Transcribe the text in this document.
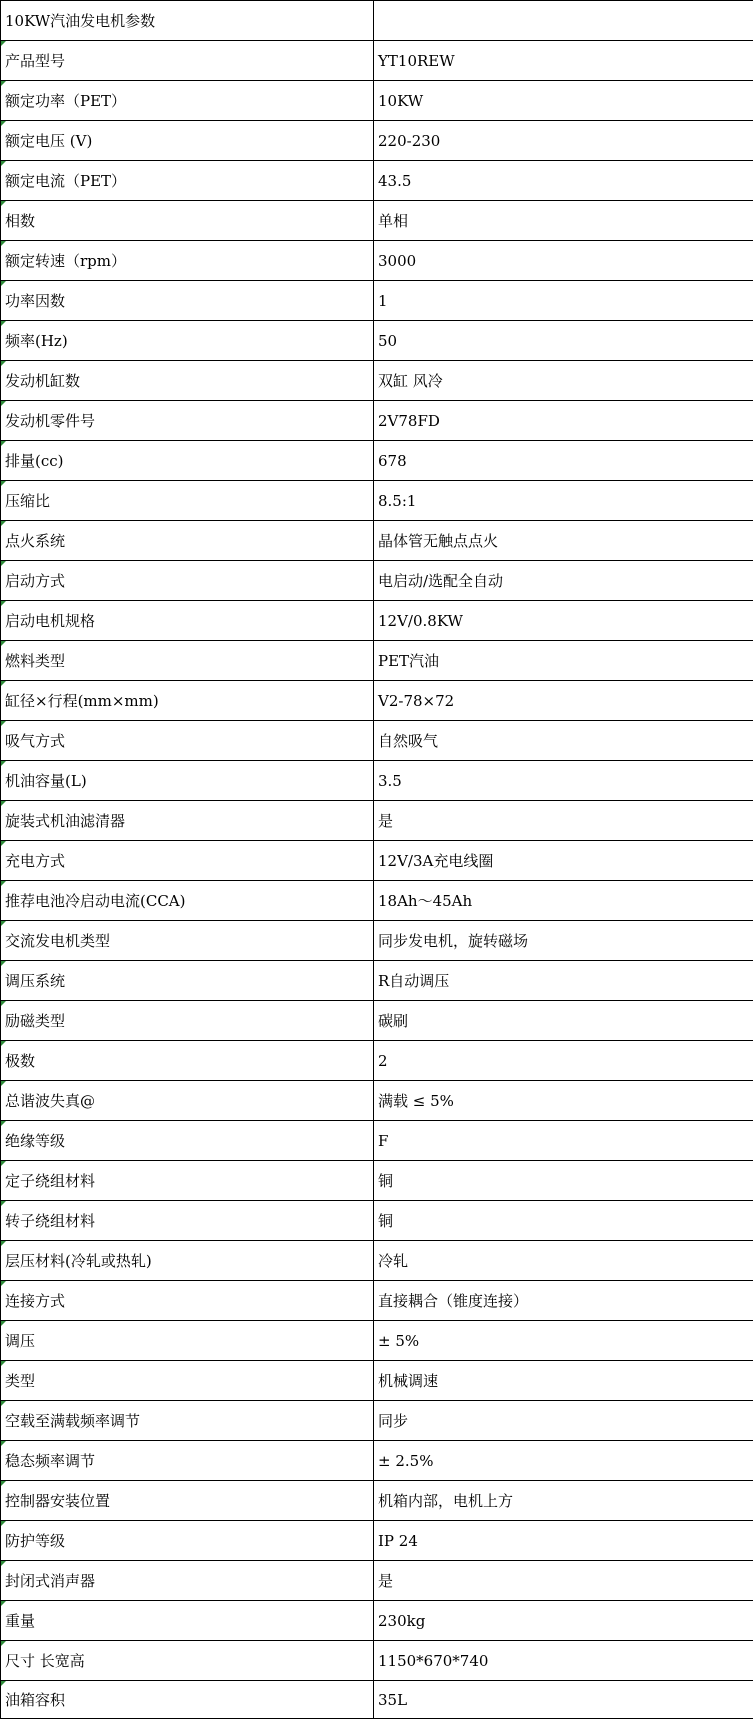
10KW汽油发电机参数	
产品型号	YT10REW
额定功率（PET）	10KW
额定电压 (V)	220-230
额定电流（PET）	43.5
相数	单相
额定转速（rpm）	3000
功率因数	1
频率(Hz)	50
发动机缸数	双缸 风冷
发动机零件号	2V78FD
排量(cc)	678
压缩比	8.5:1
点火系统	晶体管无触点点火
启动方式	电启动/选配全自动
启动电机规格	12V/0.8KW
燃料类型	PET汽油
缸径×行程(mm×mm)	V2-78×72
吸气方式	自然吸气
机油容量(L)	3.5
旋装式机油滤清器	是
充电方式	12V/3A充电线圈
推荐电池冷启动电流(CCA)	18Ah～45Ah
交流发电机类型	同步发电机，旋转磁场
调压系统	R自动调压
励磁类型	碳刷
极数	2
总谐波失真@	满载 ≤ 5%
绝缘等级	F
定子绕组材料	铜
转子绕组材料	铜
层压材料(冷轧或热轧)	冷轧
连接方式	直接耦合（锥度连接）
调压	± 5%
类型	机械调速
空载至满载频率调节	同步
稳态频率调节	± 2.5%
控制器安装位置	机箱内部，电机上方
防护等级	IP 24
封闭式消声器	是
重量	230kg
尺寸 长宽高	1150*670*740
油箱容积	35L
